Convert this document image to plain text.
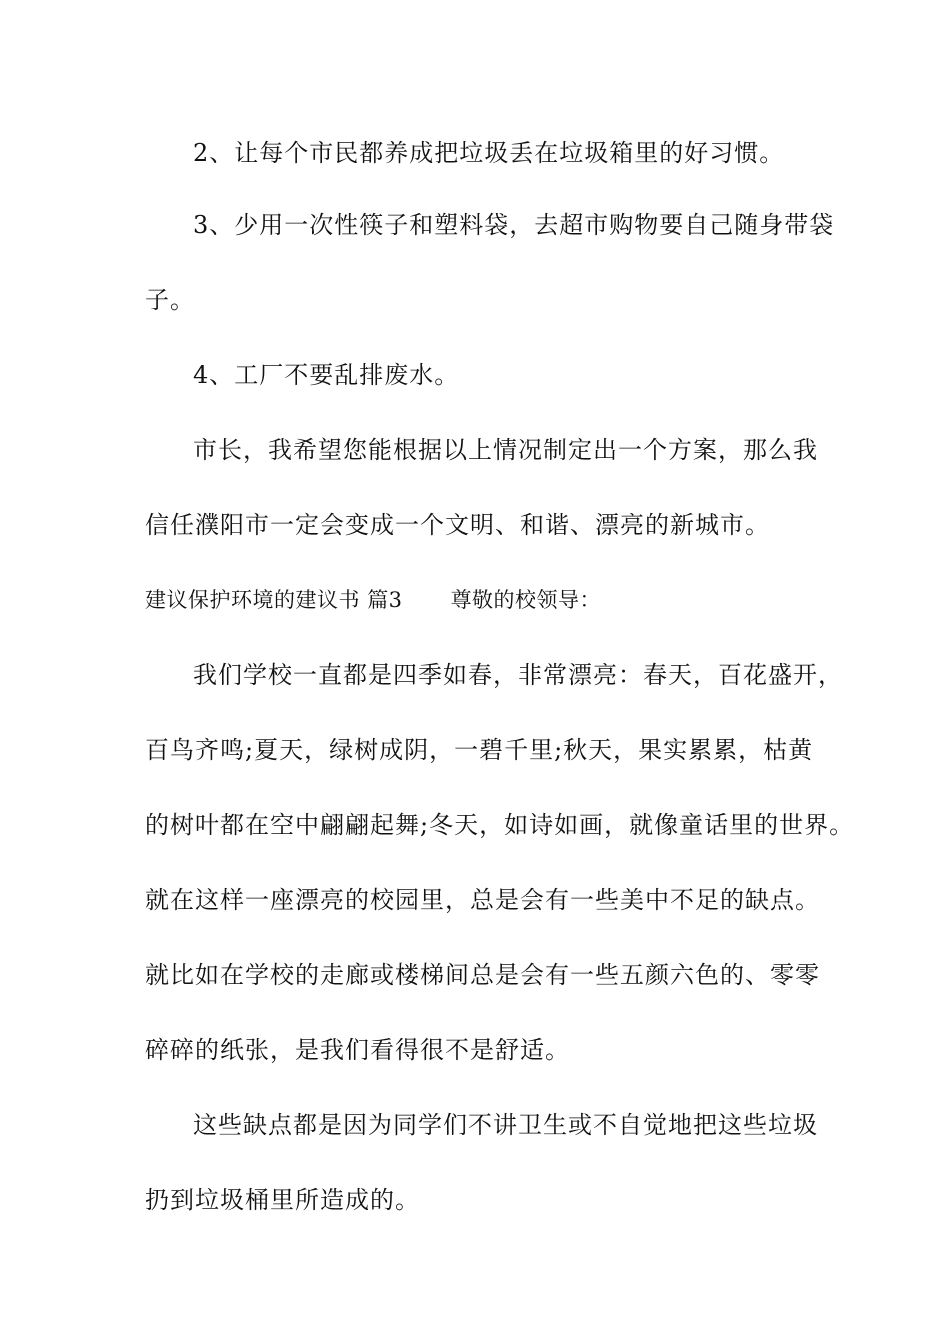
2、让每个市民都养成把垃圾丢在垃圾箱里的好习惯。
3、少用一次性筷子和塑料袋，去超市购物要自己随身带袋
子。
4、工厂不要乱排废水。
市长，我希望您能根据以上情况制定出一个方案，那么我
信任濮阳市一定会变成一个文明、和谐、漂亮的新城市。
建议保护环境的建议书 篇3 尊敬的校领导：
我们学校一直都是四季如春，非常漂亮：春天，百花盛开，
百鸟齐鸣;夏天，绿树成阴，一碧千里;秋天，果实累累，枯黄
的树叶都在空中翩翩起舞;冬天，如诗如画，就像童话里的世界。
就在这样一座漂亮的校园里，总是会有一些美中不足的缺点。
就比如在学校的走廊或楼梯间总是会有一些五颜六色的、零零
碎碎的纸张，是我们看得很不是舒适。
这些缺点都是因为同学们不讲卫生或不自觉地把这些垃圾
扔到垃圾桶里所造成的。
